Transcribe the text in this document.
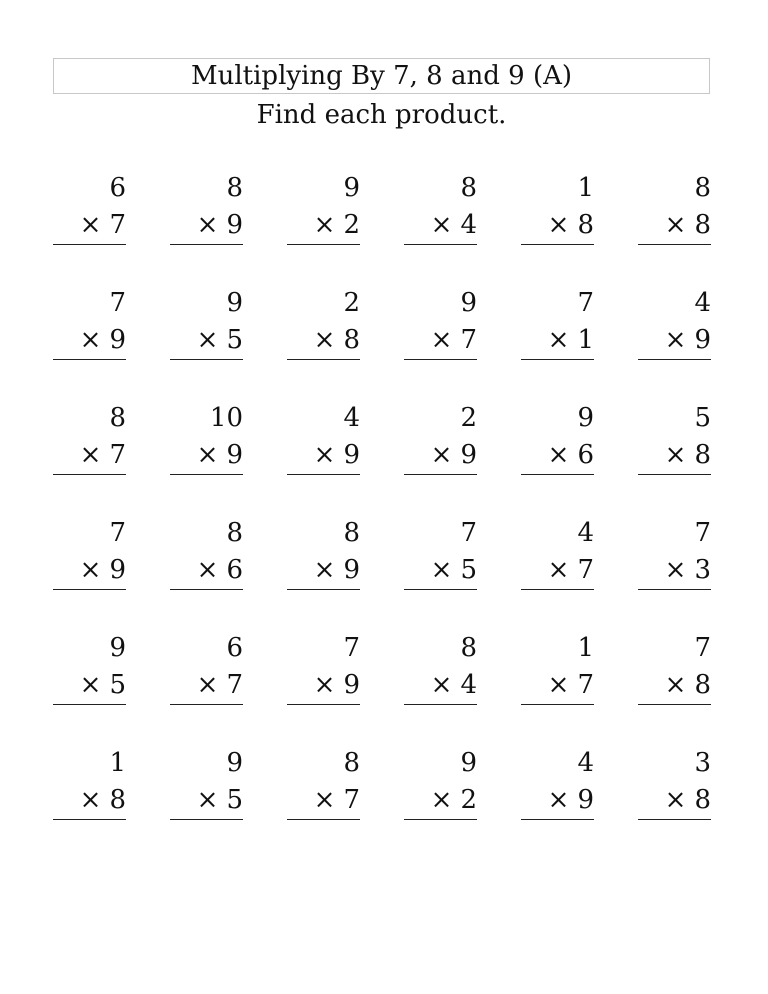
Multiplying By 7, 8 and 9 (A)
Find each product.
6
× 7
8
× 9
9
× 2
8
× 4
1
× 8
8
× 8
7
× 9
9
× 5
2
× 8
9
× 7
7
× 1
4
× 9
8
× 7
10
× 9
4
× 9
2
× 9
9
× 6
5
× 8
7
× 9
8
× 6
8
× 9
7
× 5
4
× 7
7
× 3
9
× 5
6
× 7
7
× 9
8
× 4
1
× 7
7
× 8
1
× 8
9
× 5
8
× 7
9
× 2
4
× 9
3
× 8
